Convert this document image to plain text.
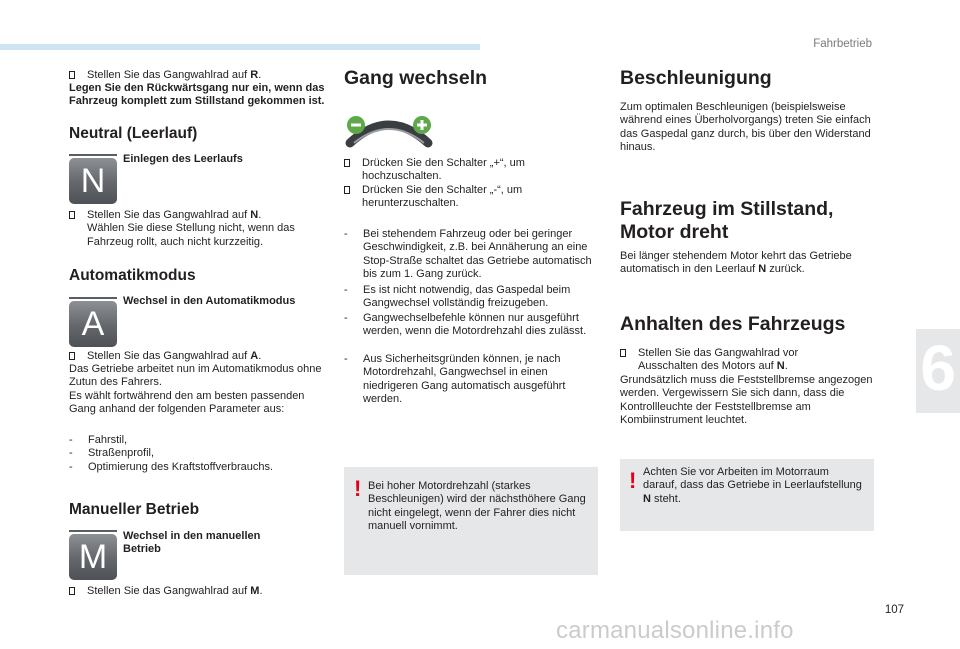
Fahrbetrieb
6
107
carmanualsonline.info
Stellen Sie das Gangwahlrad auf R.
Legen Sie den Rückwärtsgang nur ein, wenn das Fahrzeug komplett zum Stillstand gekommen ist.
Neutral (Leerlauf)
N
Einlegen des Leerlaufs
Stellen Sie das Gangwahlrad auf N.
Wählen Sie diese Stellung nicht, wenn das Fahrzeug rollt, auch nicht kurzzeitig.
Automatikmodus
A
Wechsel in den Automatikmodus
Stellen Sie das Gangwahlrad auf A.
Das Getriebe arbeitet nun im Automatikmodus ohne Zutun des Fahrers.
Es wählt fortwährend den am besten passenden Gang anhand der folgenden Parameter aus:
-	Fahrstil,
-	Straßenprofil,
-	Optimierung des Kraftstoffverbrauchs.
Manueller Betrieb
M
Wechsel in den manuellen Betrieb
Stellen Sie das Gangwahlrad auf M.
Gang wechseln
Drücken Sie den Schalter „+“, um hochzuschalten.
Drücken Sie den Schalter „-“, um herunterzuschalten.
-	Bei stehendem Fahrzeug oder bei geringer Geschwindigkeit, z.B. bei Annäherung an eine Stop-Straße schaltet das Getriebe automatisch bis zum 1. Gang zurück.
-	Es ist nicht notwendig, das Gaspedal beim Gangwechsel vollständig freizugeben.
-	Gangwechselbefehle können nur ausgeführt werden, wenn die Motordrehzahl dies zulässt.
-	Aus Sicherheitsgründen können, je nach Motordrehzahl, Gangwechsel in einen niedrigeren Gang automatisch ausgeführt werden.
! Bei hoher Motordrehzahl (starkes Beschleunigen) wird der nächsthöhere Gang nicht eingelegt, wenn der Fahrer dies nicht manuell vornimmt.
Beschleunigung
Zum optimalen Beschleunigen (beispielsweise während eines Überholvorgangs) treten Sie einfach das Gaspedal ganz durch, bis über den Widerstand hinaus.
Fahrzeug im Stillstand, Motor dreht
Bei länger stehendem Motor kehrt das Getriebe automatisch in den Leerlauf N zurück.
Anhalten des Fahrzeugs
Stellen Sie das Gangwahlrad vor Ausschalten des Motors auf N.
Grundsätzlich muss die Feststellbremse angezogen werden. Vergewissern Sie sich dann, dass die Kontrollleuchte der Feststellbremse am Kombiinstrument leuchtet.
! Achten Sie vor Arbeiten im Motorraum darauf, dass das Getriebe in Leerlaufstellung N steht.
